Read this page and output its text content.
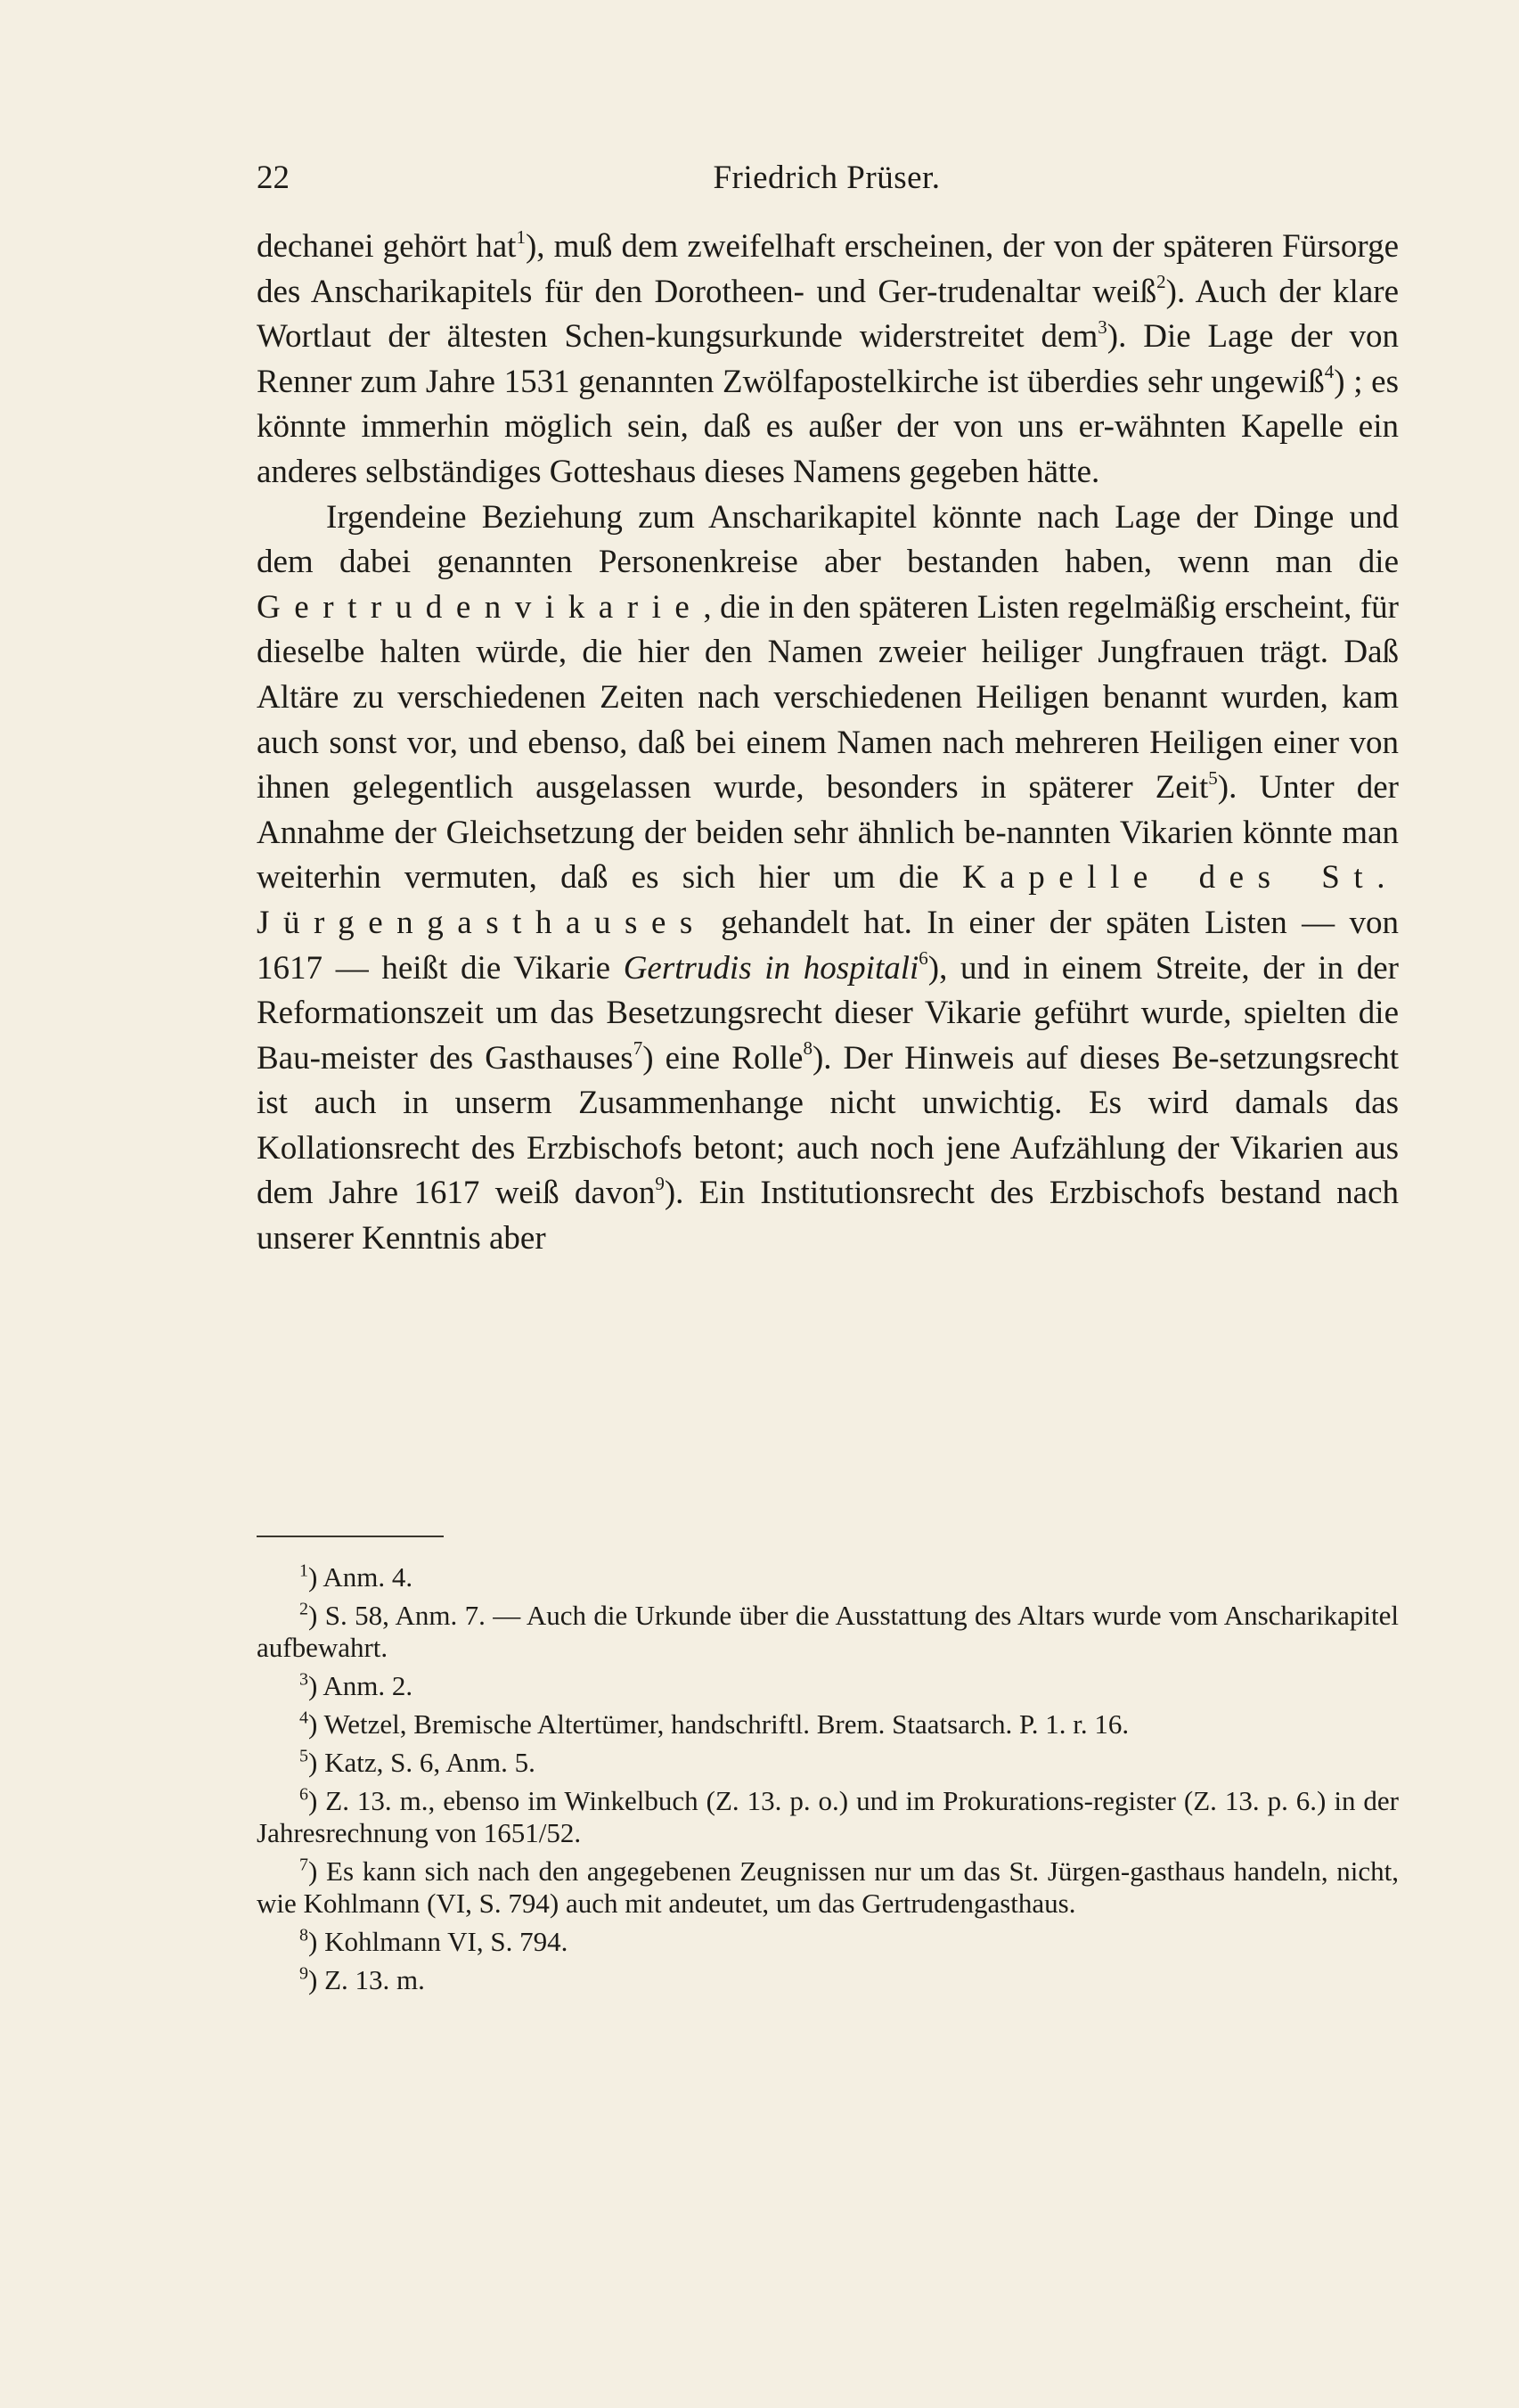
22	Friedrich Prüser.

dechanei gehört hat$^1$), muß dem zweifelhaft erscheinen, der von der späteren Fürsorge des Anscharikapitels für den Dorotheen- und Ger-trudenaltar weiß$^2$). Auch der klare Wortlaut der ältesten Schen-kungsurkunde widerstreitet dem$^3$). Die Lage der von Renner zum Jahre 1531 genannten Zwölfapostelkirche ist überdies sehr ungewiß$^4$) ; es könnte immerhin möglich sein, daß es außer der von uns er-wähnten Kapelle ein anderes selbständiges Gotteshaus dieses Namens gegeben hätte.

Irgendeine Beziehung zum Anscharikapitel könnte nach Lage der Dinge und dem dabei genannten Personenkreise aber bestanden haben, wenn man die Gertrudenvikarie, die in den späteren Listen regelmäßig erscheint, für dieselbe halten würde, die hier den Namen zweier heiliger Jungfrauen trägt. Daß Altäre zu verschiedenen Zeiten nach verschiedenen Heiligen benannt wurden, kam auch sonst vor, und ebenso, daß bei einem Namen nach mehreren Heiligen einer von ihnen gelegentlich ausgelassen wurde, besonders in späterer Zeit$^5$). Unter der Annahme der Gleichsetzung der beiden sehr ähnlich be-nannten Vikarien könnte man weiterhin vermuten, daß es sich hier um die Kapelle des St. Jürgengasthauses gehandelt hat. In einer der späten Listen — von 1617 — heißt die Vikarie Gertrudis in hospitali$^6$), und in einem Streite, der in der Reformationszeit um das Besetzungsrecht dieser Vikarie geführt wurde, spielten die Bau-meister des Gasthauses$^7$) eine Rolle$^8$). Der Hinweis auf dieses Be-setzungsrecht ist auch in unserm Zusammenhange nicht unwichtig. Es wird damals das Kollationsrecht des Erzbischofs betont; auch noch jene Aufzählung der Vikarien aus dem Jahre 1617 weiß davon$^9$). Ein Institutionsrecht des Erzbischofs bestand nach unserer Kenntnis aber

$^1$) Anm. 4.

$^2$) S. 58, Anm. 7. — Auch die Urkunde über die Ausstattung des Altars wurde vom Anscharikapitel aufbewahrt.

$^3$) Anm. 2.

$^4$) Wetzel, Bremische Altertümer, handschriftl. Brem. Staatsarch. P. 1. r. 16.

$^5$) Katz, S. 6, Anm. 5.

$^6$) Z. 13. m., ebenso im Winkelbuch (Z. 13. p. o.) und im Prokurations-register (Z. 13. p. 6.) in der Jahresrechnung von 1651/52.

$^7$) Es kann sich nach den angegebenen Zeugnissen nur um das St. Jürgen-gasthaus handeln, nicht, wie Kohlmann (VI, S. 794) auch mit andeutet, um das Gertrudengasthaus.

$^8$) Kohlmann VI, S. 794.

$^9$) Z. 13. m.
